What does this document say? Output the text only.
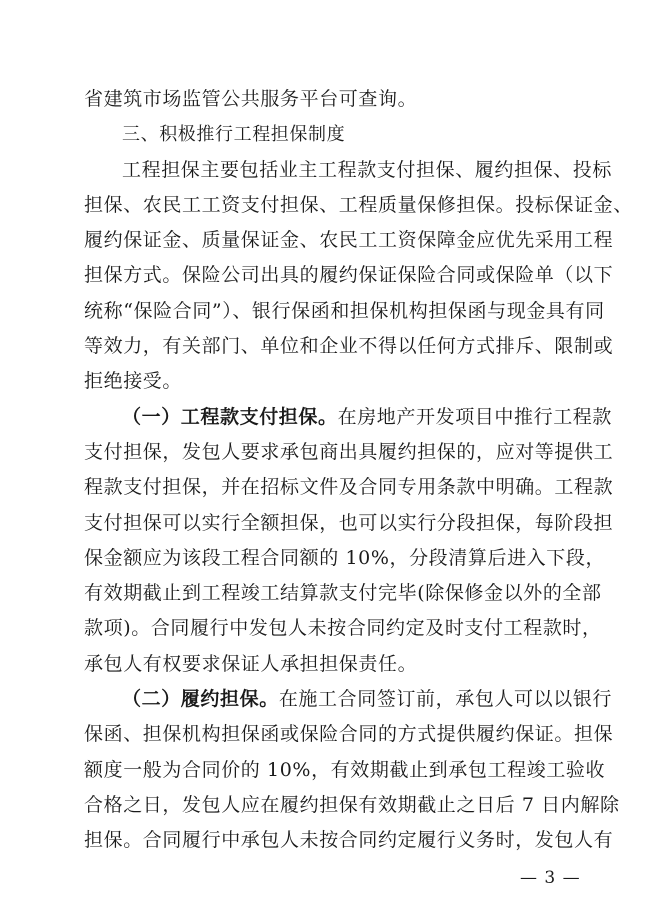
省建筑市场监管公共服务平台可查询。
三、积极推行工程担保制度
工程担保主要包括业主工程款支付担保、履约担保、投标
担保、农民工工资支付担保、工程质量保修担保。投标保证金、
履约保证金、质量保证金、农民工工资保障金应优先采用工程
担保方式。保险公司出具的履约保证保险合同或保险单（以下
统称“保险合同”）、银行保函和担保机构担保函与现金具有同
等效力，有关部门、单位和企业不得以任何方式排斥、限制或
拒绝接受。
（一）工程款支付担保。在房地产开发项目中推行工程款
支付担保，发包人要求承包商出具履约担保的，应对等提供工
程款支付担保，并在招标文件及合同专用条款中明确。工程款
支付担保可以实行全额担保，也可以实行分段担保，每阶段担
保金额应为该段工程合同额的 10%，分段清算后进入下段，
有效期截止到工程竣工结算款支付完毕(除保修金以外的全部
款项)。合同履行中发包人未按合同约定及时支付工程款时，
承包人有权要求保证人承担担保责任。
（二）履约担保。在施工合同签订前，承包人可以以银行
保函、担保机构担保函或保险合同的方式提供履约保证。担保
额度一般为合同价的 10%，有效期截止到承包工程竣工验收
合格之日，发包人应在履约担保有效期截止之日后 7 日内解除
担保。合同履行中承包人未按合同约定履行义务时，发包人有
— 3 —
